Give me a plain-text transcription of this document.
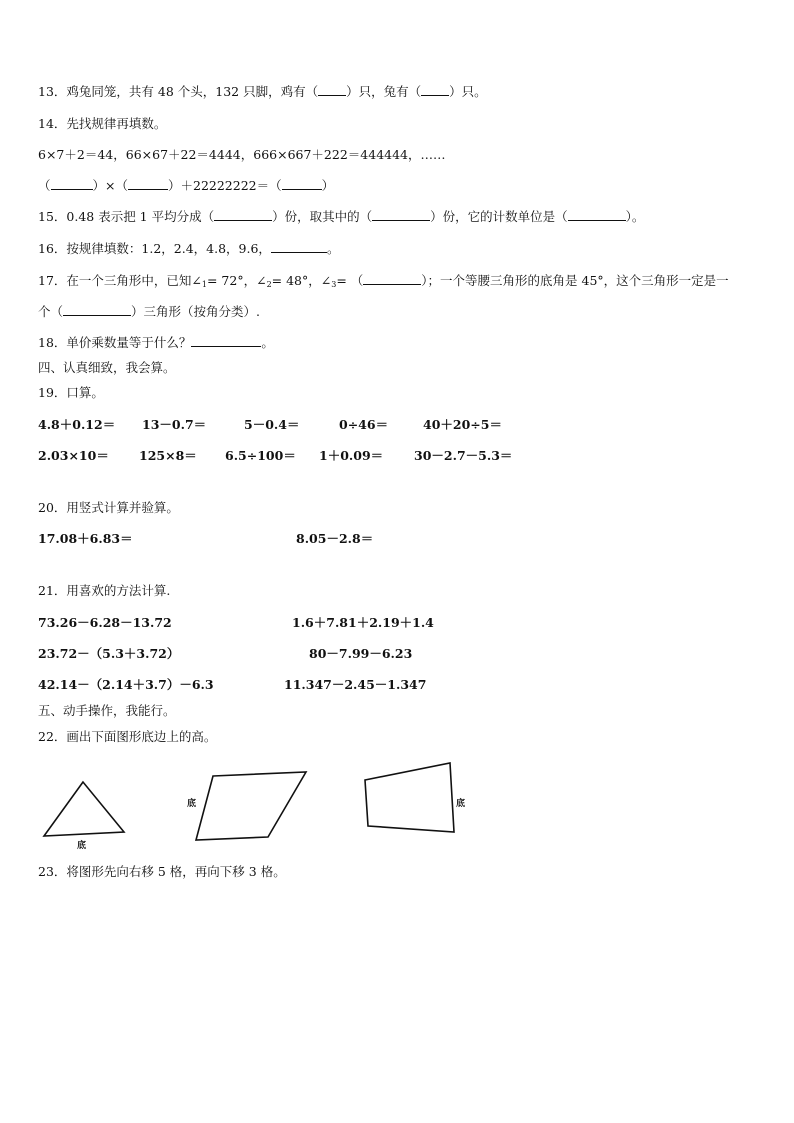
13．鸡兔同笼，共有 48 个头，132 只脚，鸡有（ ）只，兔有（ ）只。
14．先找规律再填数。
6×7＋2＝44，66×67＋22＝4444，666×667＋222＝444444，……
（	）×（	）＋22222222＝（	）
15．0.48 表示把 1 平均分成（	）份，取其中的（	）份，它的计数单位是（	）。
16．按规律填数：1.2，2.4，4.8，9.6，	。
17．在一个三角形中，已知$\angle_1= 72^\circ$，$\angle_2= 48^\circ$，$\angle_3=$ （	）；一个等腰三角形的底角是 45°，这个三角形一定是一
个（	）三角形（按角分类）.
18．单价乘数量等于什么？	。
四、认真细致，我会算。
19．口算。
4.8＋0.12＝ 13－0.7＝	5－0.4＝	0÷46＝	40＋20÷5＝
2.03×10＝ 125×8＝ 6.5÷100＝ 1＋0.09＝ 30－2.7－5.3＝
20．用竖式计算并验算。
17.08＋6.83＝	8.05－2.8＝
21．用喜欢的方法计算.
73.26－6.28－13.72	1.6＋7.81＋2.19＋1.4
23.72－（5.3＋3.72）	80－7.99－6.23
42.14－（2.14＋3.7）－6.3	11.347－2.45－1.347
五、动手操作，我能行。
22．画出下面图形底边上的高。
底
底	底
23．将图形先向右移 5 格，再向下移 3 格。
